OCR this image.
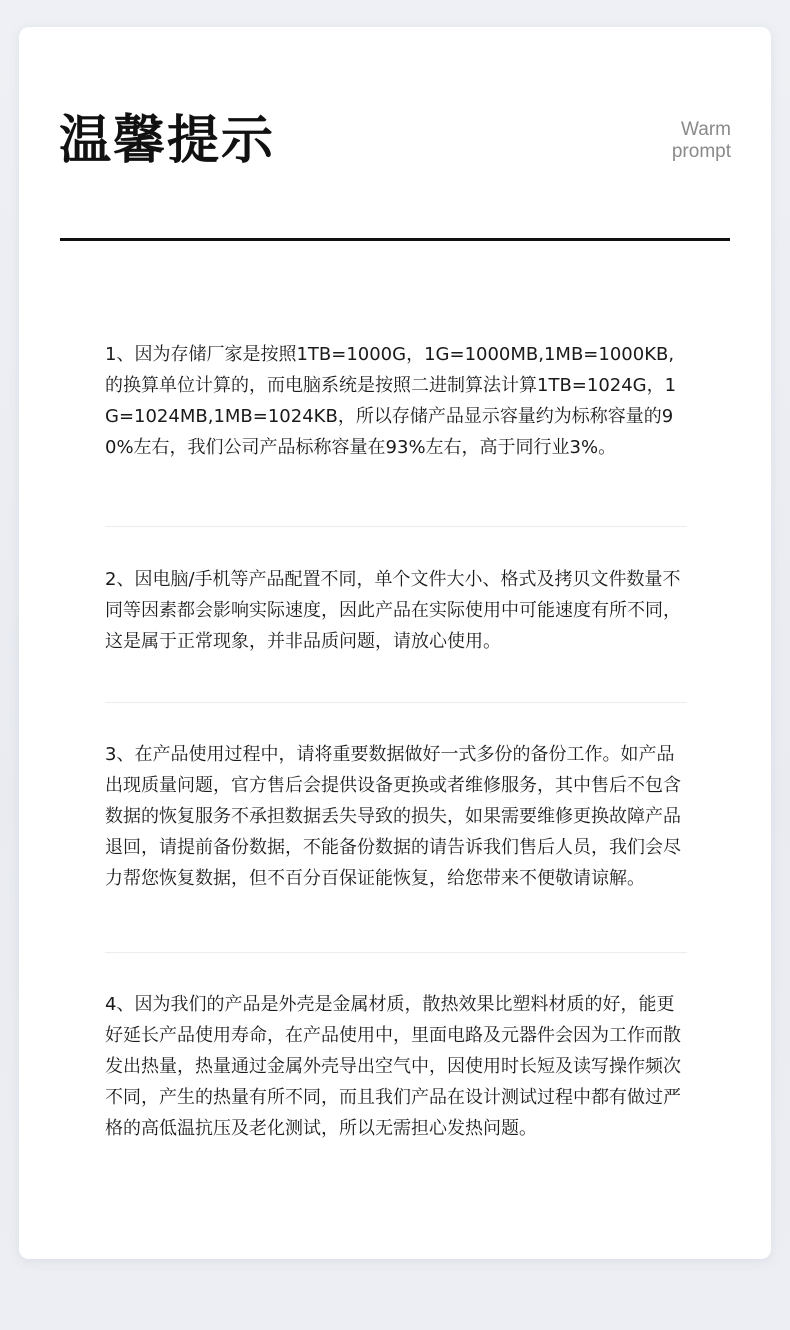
温馨提示	Warm
prompt

1、因为存储厂家是按照1TB=1000G，1G=1000MB,1MB=1000KB,的换算单位计算的，而电脑系统是按照二进制算法计算1TB=1024G，1G=1024MB,1MB=1024KB，所以存储产品显示容量约为标称容量的90%左右，我们公司产品标称容量在93%左右，高于同行业3%。

2、因电脑/手机等产品配置不同，单个文件大小、格式及拷贝文件数量不同等因素都会影响实际速度，因此产品在实际使用中可能速度有所不同，这是属于正常现象，并非品质问题，请放心使用。

3、在产品使用过程中，请将重要数据做好一式多份的备份工作。如产品出现质量问题，官方售后会提供设备更换或者维修服务，其中售后不包含数据的恢复服务不承担数据丢失导致的损失，如果需要维修更换故障产品退回，请提前备份数据，不能备份数据的请告诉我们售后人员，我们会尽力帮您恢复数据，但不百分百保证能恢复，给您带来不便敬请谅解。

4、因为我们的产品是外壳是金属材质，散热效果比塑料材质的好，能更好延长产品使用寿命，在产品使用中，里面电路及元器件会因为工作而散发出热量，热量通过金属外壳导出空气中，因使用时长短及读写操作频次不同，产生的热量有所不同，而且我们产品在设计测试过程中都有做过严格的高低温抗压及老化测试，所以无需担心发热问题。
